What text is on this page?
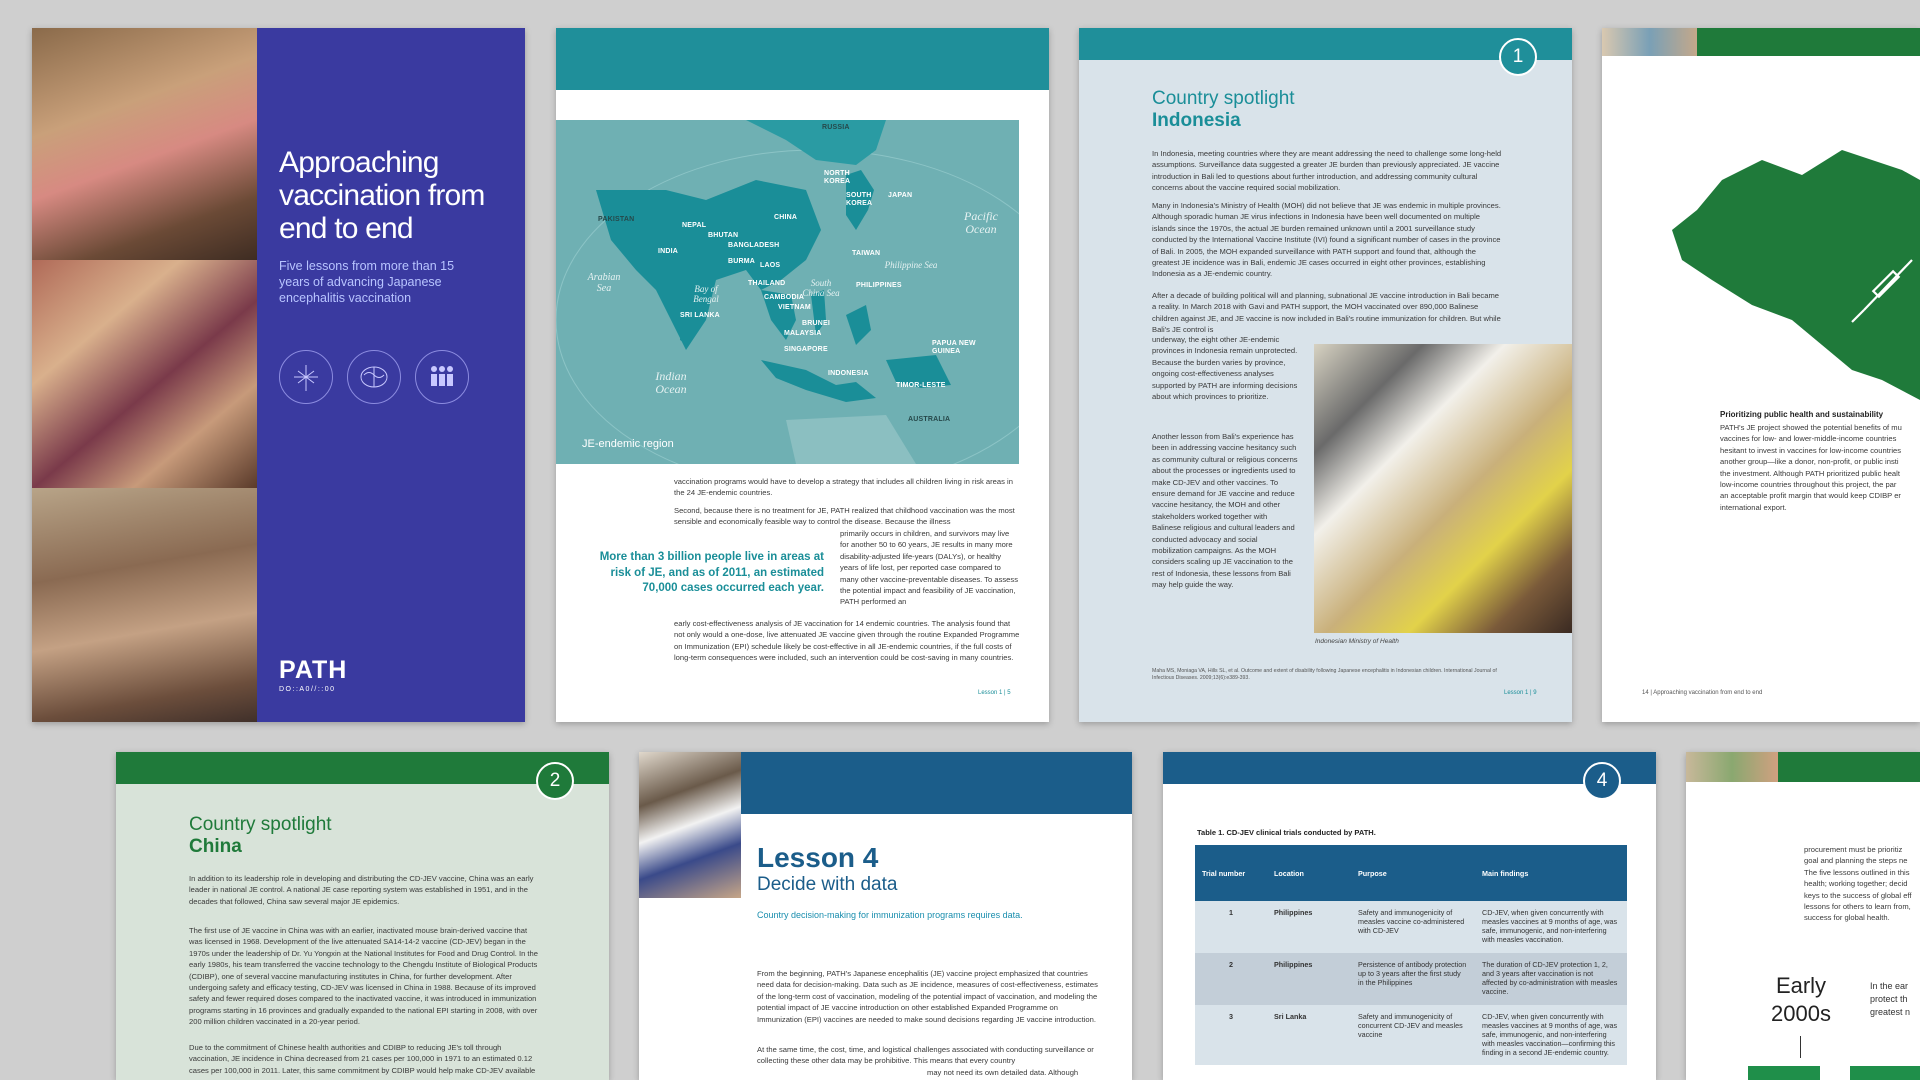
Approaching vaccination from end to end
Five lessons from more than 15 years of advancing Japanese encephalitis vaccination
PATH
DO::A0//::00
RUSSIA
NORTH KOREA
SOUTH KOREA
JAPAN
CHINA
PAKISTAN
NEPAL
BHUTAN
BANGLADESH
INDIA
BURMA
LAOS
TAIWAN
THAILAND
CAMBODIA
VIETNAM
PHILIPPINES
SRI LANKA
BRUNEI
MALAYSIA
SINGAPORE
PAPUA NEW GUINEA
INDONESIA
TIMOR-LESTE
AUSTRALIA
Pacific Ocean
Arabian Sea	Bay of Bengal
South China Sea
Philippine Sea
Indian Ocean
JE-endemic region
vaccination programs would have to develop a strategy that includes all children living in risk areas in the 24 JE-endemic countries.
Second, because there is no treatment for JE, PATH realized that childhood vaccination was the most sensible and economically feasible way to control the disease. Because the illness
More than 3 billion people live in areas at risk of JE, and as of 2011, an estimated 70,000 cases occurred each year.
primarily occurs in children, and survivors may live for another 50 to 60 years, JE results in many more disability-adjusted life-years (DALYs), or healthy years of life lost, per reported case compared to many other vaccine-preventable diseases. To assess the potential impact and feasibility of JE vaccination, PATH performed an
early cost-effectiveness analysis of JE vaccination for 14 endemic countries. The analysis found that not only would a one-dose, live attenuated JE vaccine given through the routine Expanded Programme on Immunization (EPI) schedule likely be cost-effective in all JE-endemic countries, if the full costs of long-term consequences were included, such an intervention could be cost-saving in many countries.
Lesson 1 | 5
1
Country spotlight
Indonesia
In Indonesia, meeting countries where they are meant addressing the need to challenge some long-held assumptions. Surveillance data suggested a greater JE burden than previously appreciated. JE vaccine introduction in Bali led to questions about further introduction, and addressing community cultural concerns about the vaccine required social mobilization.
Many in Indonesia's Ministry of Health (MOH) did not believe that JE was endemic in multiple provinces. Although sporadic human JE virus infections in Indonesia have been well documented on multiple islands since the 1970s, the actual JE burden remained unknown until a 2001 surveillance study conducted by the International Vaccine Institute (IVI) found a significant number of cases in the province of Bali. In 2005, the MOH expanded surveillance with PATH support and found that, although the greatest JE incidence was in Bali, endemic JE cases occurred in eight other provinces, establishing Indonesia as a JE-endemic country.
After a decade of building political will and planning, subnational JE vaccine introduction in Bali became a reality. In March 2018 with Gavi and PATH support, the MOH vaccinated over 890,000 Balinese children against JE, and JE vaccine is now included in Bali's routine immunization for children. But while Bali's JE control is
underway, the eight other JE-endemic provinces in Indonesia remain unprotected. Because the burden varies by province, ongoing cost-effectiveness analyses supported by PATH are informing decisions about which provinces to prioritize.
Another lesson from Bali's experience has been in addressing vaccine hesitancy such as community cultural or religious concerns about the processes or ingredients used to make CD-JEV and other vaccines. To ensure demand for JE vaccine and reduce vaccine hesitancy, the MOH and other stakeholders worked together with Balinese religious and cultural leaders and conducted advocacy and social mobilization campaigns. As the MOH considers scaling up JE vaccination to the rest of Indonesia, these lessons from Bali may help guide the way.
Indonesian Ministry of Health
Maha MS, Moniaga VA, Hills SL, et al. Outcome and extent of disability following Japanese encephalitis in Indonesian children. International Journal of Infectious Diseases. 2009;13(6):e389-393.
Lesson 1 | 9
Prioritizing public health and sustainability
PATH's JE project showed the potential benefits of mu
vaccines for low- and lower-middle-income countries
hesitant to invest in vaccines for low-income countries
another group—like a donor, non-profit, or public insti
the investment. Although PATH prioritized public healt
low-income countries throughout this project, the par
an acceptable profit margin that would keep CDIBP er
international export.
14 | Approaching vaccination from end to end
2
Country spotlight
China
In addition to its leadership role in developing and distributing the CD-JEV vaccine, China was an early leader in national JE control. A national JE case reporting system was established in 1951, and in the decades that followed, China saw several major JE epidemics.
The first use of JE vaccine in China was with an earlier, inactivated mouse brain-derived vaccine that was licensed in 1968. Development of the live attenuated SA14-14-2 vaccine (CD-JEV) began in the 1970s under the leadership of Dr. Yu Yongxin at the National Institutes for Food and Drug Control. In the early 1980s, his team transferred the vaccine technology to the Chengdu Institute of Biological Products (CDIBP), one of several vaccine manufacturing institutes in China, for further development. After undergoing safety and efficacy testing, CD-JEV was licensed in China in 1988. Because of its improved safety and fewer required doses compared to the inactivated vaccine, it was introduced in immunization programs starting in 16 provinces and gradually expanded to the national EPI starting in 2008, with over 200 million children vaccinated in a 20-year period.
Due to the commitment of Chinese health authorities and CDIBP to reducing JE's toll through vaccination, JE incidence in China decreased from 21 cases per 100,000 in 1971 to an estimated 0.12 cases per 100,000 in 2011. Later, this same commitment by CDIBP would help make CD-JEV available
Lesson 4
Decide with data
Country decision-making for immunization programs requires data.
From the beginning, PATH's Japanese encephalitis (JE) vaccine project emphasized that countries need data for decision-making. Data such as JE incidence, measures of cost-effectiveness, estimates of the long-term cost of vaccination, modeling of the potential impact of vaccination, and modeling the potential impact of JE vaccine introduction on other established Expanded Programme on Immunization (EPI) vaccines are needed to make sound decisions regarding JE vaccine introduction.
At the same time, the cost, time, and logistical challenges associated with conducting surveillance or collecting these other data may be prohibitive. This means that every country
may not need its own detailed data. Although
4
Table 1. CD-JEV clinical trials conducted by PATH.
Trial number	Location	Purpose	Main findings
1	Philippines	Safety and immunogenicity of measles vaccine co-administered with CD-JEV	CD-JEV, when given concurrently with measles vaccines at 9 months of age, was safe, immunogenic, and non-interfering with measles vaccination.
2	Philippines	Persistence of antibody protection up to 3 years after the first study in the Philippines	The duration of CD-JEV protection 1, 2, and 3 years after vaccination is not affected by co-administration with measles vaccine.
3	Sri Lanka	Safety and immunogenicity of concurrent CD-JEV and measles vaccine	CD-JEV, when given concurrently with measles vaccines at 9 months of age, was safe, immunogenic, and non-interfering with measles vaccination—confirming this finding in a second JE-endemic country.
procurement must be prioritiz
goal and planning the steps ne
The five lessons outlined in this
health; working together; decid
keys to the success of global eff
lessons for others to learn from,
success for global health.
Early 2000s
In the ear
protect th
greatest n
